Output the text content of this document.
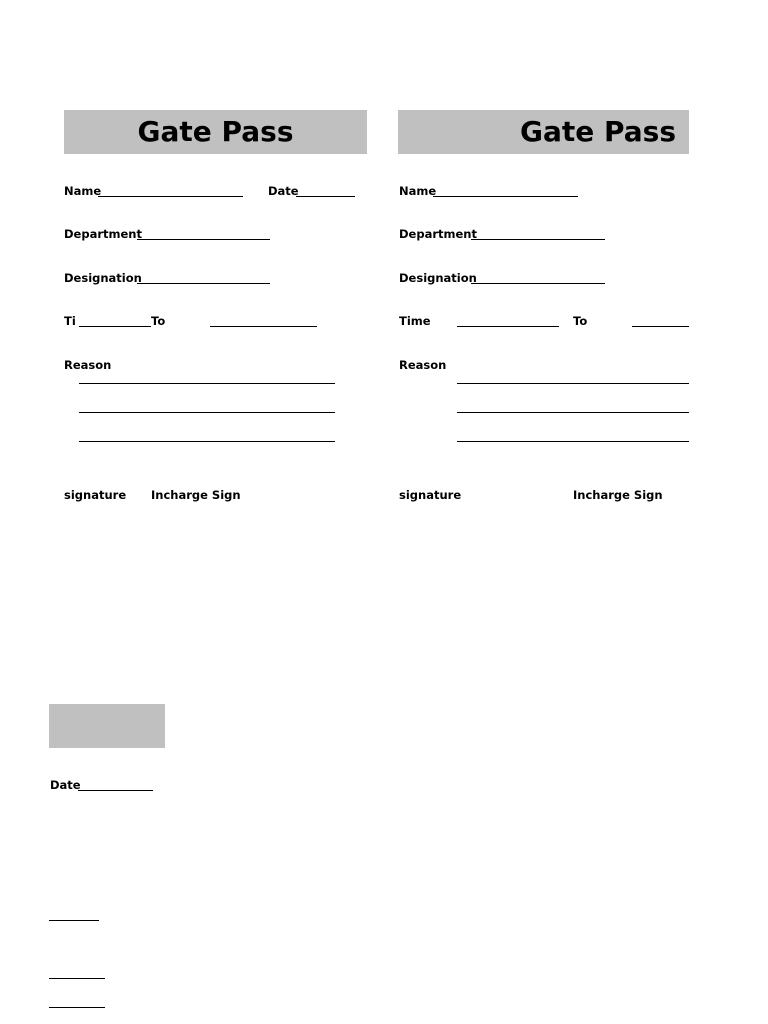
Gate Pass
Name	Date
Department
Designation
Ti	To
Reason
signature Incharge Sign
Gate Pass
Name
Department
Designation
Time	To
Reason
signature	Incharge Sign
Date
